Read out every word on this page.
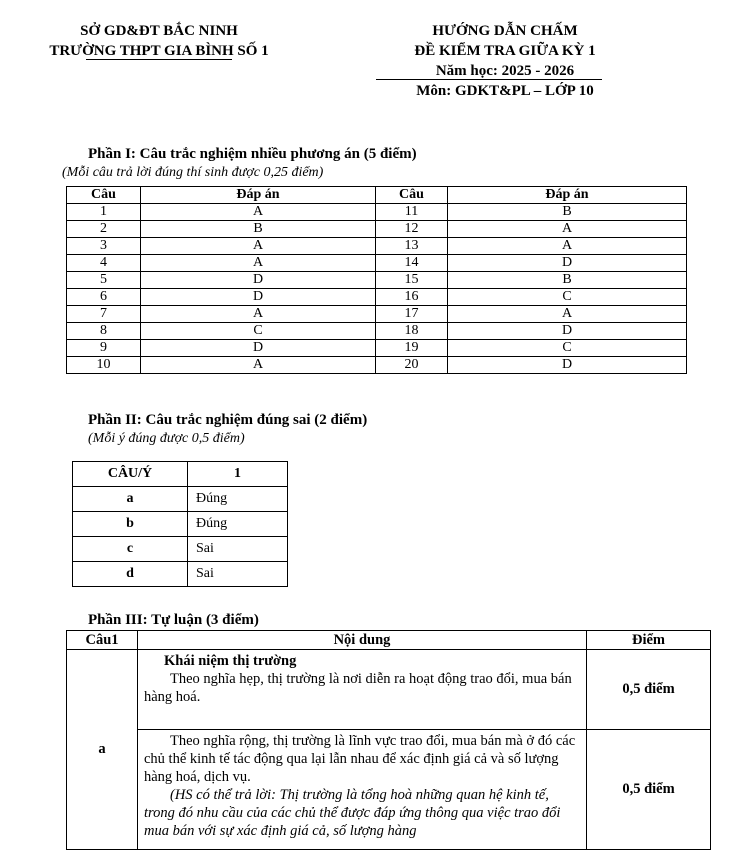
SỞ GD&ĐT BẮC NINH
TRƯỜNG THPT GIA BÌNH SỐ 1
HƯỚNG DẪN CHẤM
ĐỀ KIỂM TRA GIỮA KỲ 1
Năm học: 2025 - 2026
Môn: GDKT&PL – LỚP 10
Phần I: Câu trắc nghiệm nhiều phương án (5 điểm)
(Mỗi câu trả lời đúng thí sinh được 0,25 điểm)
Câu	Đáp án	Câu	Đáp án
1	A	11	B
2	B	12	A
3	A	13	A
4	A	14	D
5	D	15	B
6	D	16	C
7	A	17	A
8	C	18	D
9	D	19	C
10	A	20	D
Phần II: Câu trắc nghiệm đúng sai (2 điểm)
(Mỗi ý đúng được 0,5 điểm)
CÂU/Ý	1
a	Đúng
b	Đúng
c	Sai
d	Sai
Phần III: Tự luận (3 điểm)
Câu1	Nội dung	Điểm
a	Khái niệm thị trường
Theo nghĩa hẹp, thị trường là nơi diễn ra hoạt động trao đổi, mua bán hàng hoá.	0,5 điểm

	Theo nghĩa rộng, thị trường là lĩnh vực trao đổi, mua bán mà ở đó các chủ thể kinh tế tác động qua lại lẫn nhau để xác định giá cả và số lượng hàng hoá, dịch vụ.
(HS có thể trả lời: Thị trường là tổng hoà những quan hệ kinh tế, trong đó nhu cầu của các chủ thể được đáp ứng thông qua việc trao đổi mua bán với sự xác định giá cả, số lượng hàng	0,5 điểm
